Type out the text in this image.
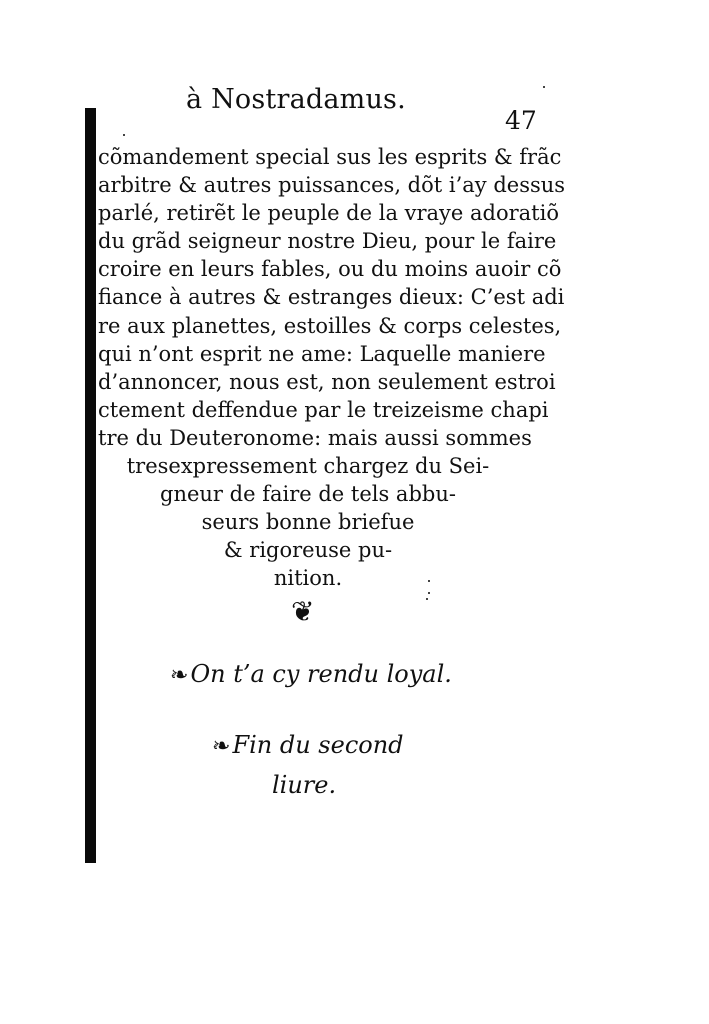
à Nostradamus.
47
cõmandement special sus les esprits & frãc
arbitre & autres puissances, dõt i’ay dessus
parlé, retirẽt le peuple de la vraye adoratiõ
du grãd seigneur nostre Dieu, pour le faire
croire en leurs fables, ou du moins auoir cõ
fiance à autres & estranges dieux: C’est adi
re aux planettes, estoilles & corps celestes,
qui n’ont esprit ne ame: Laquelle maniere
d’annoncer, nous est, non seulement estroi
ctement deffendue par le treizeisme chapi
tre du Deuteronome: mais aussi sommes
tresexpressement chargez du Sei-
gneur de faire de tels abbu-
seurs bonne briefue
& rigoreuse pu-
nition.
❦
❧On t’a cy rendu loyal.
❧Fin du second
liure.
